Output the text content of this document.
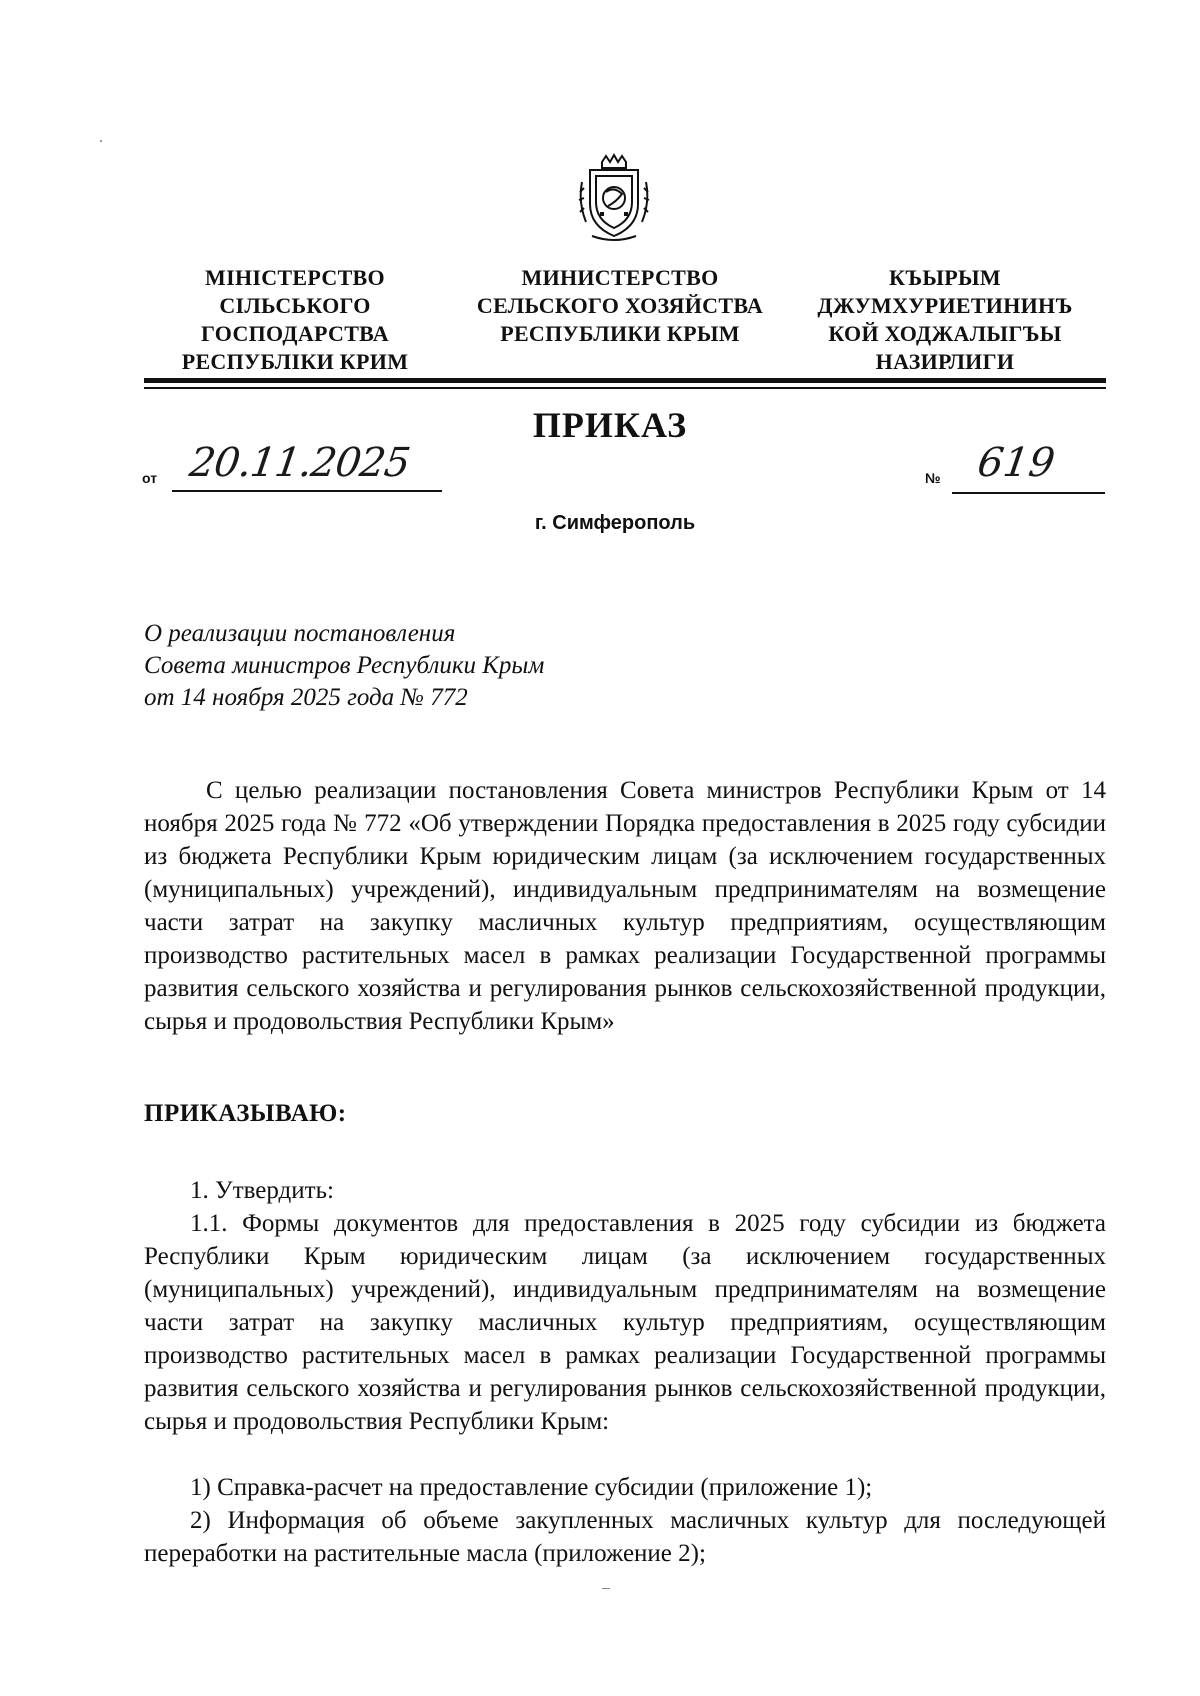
МІНІСТЕРСТВО
СІЛЬСЬКОГО
ГОСПОДАРСТВА
РЕСПУБЛІКИ КРИМ
МИНИСТЕРСТВО
СЕЛЬСКОГО ХОЗЯЙСТВА
РЕСПУБЛИКИ КРЫМ
КЪЫРЫМ
ДЖУМХУРИЕТИНИНЪ
КОЙ ХОДЖАЛЫГЪЫ
НАЗИРЛИГИ
ПРИКАЗ
от 20.11.2025	№ 619
г. Симферополь
О реализации постановления
Совета министров Республики Крым
от 14 ноября 2025 года № 772

С целью реализации постановления Совета министров Республики Крым от 14 ноября 2025 года № 772 «Об утверждении Порядка предоставления в 2025 году субсидии из бюджета Республики Крым юридическим лицам (за исключением государственных (муниципальных) учреждений), индивидуальным предпринимателям на возмещение части затрат на закупку масличных культур предприятиям, осуществляющим производство растительных масел в рамках реализации Государственной программы развития сельского хозяйства и регулирования рынков сельскохозяйственной продукции, сырья и продовольствия Республики Крым»

ПРИКАЗЫВАЮ:

1. Утвердить:

1.1. Формы документов для предоставления в 2025 году субсидии из бюджета Республики Крым юридическим лицам (за исключением государственных (муниципальных) учреждений), индивидуальным предпринимателям на возмещение части затрат на закупку масличных культур предприятиям, осуществляющим производство растительных масел в рамках реализации Государственной программы развития сельского хозяйства и регулирования рынков сельскохозяйственной продукции, сырья и продовольствия Республики Крым:

1) Справка-расчет на предоставление субсидии (приложение 1);

2) Информация об объеме закупленных масличных культур для последующей переработки на растительные масла (приложение 2);
